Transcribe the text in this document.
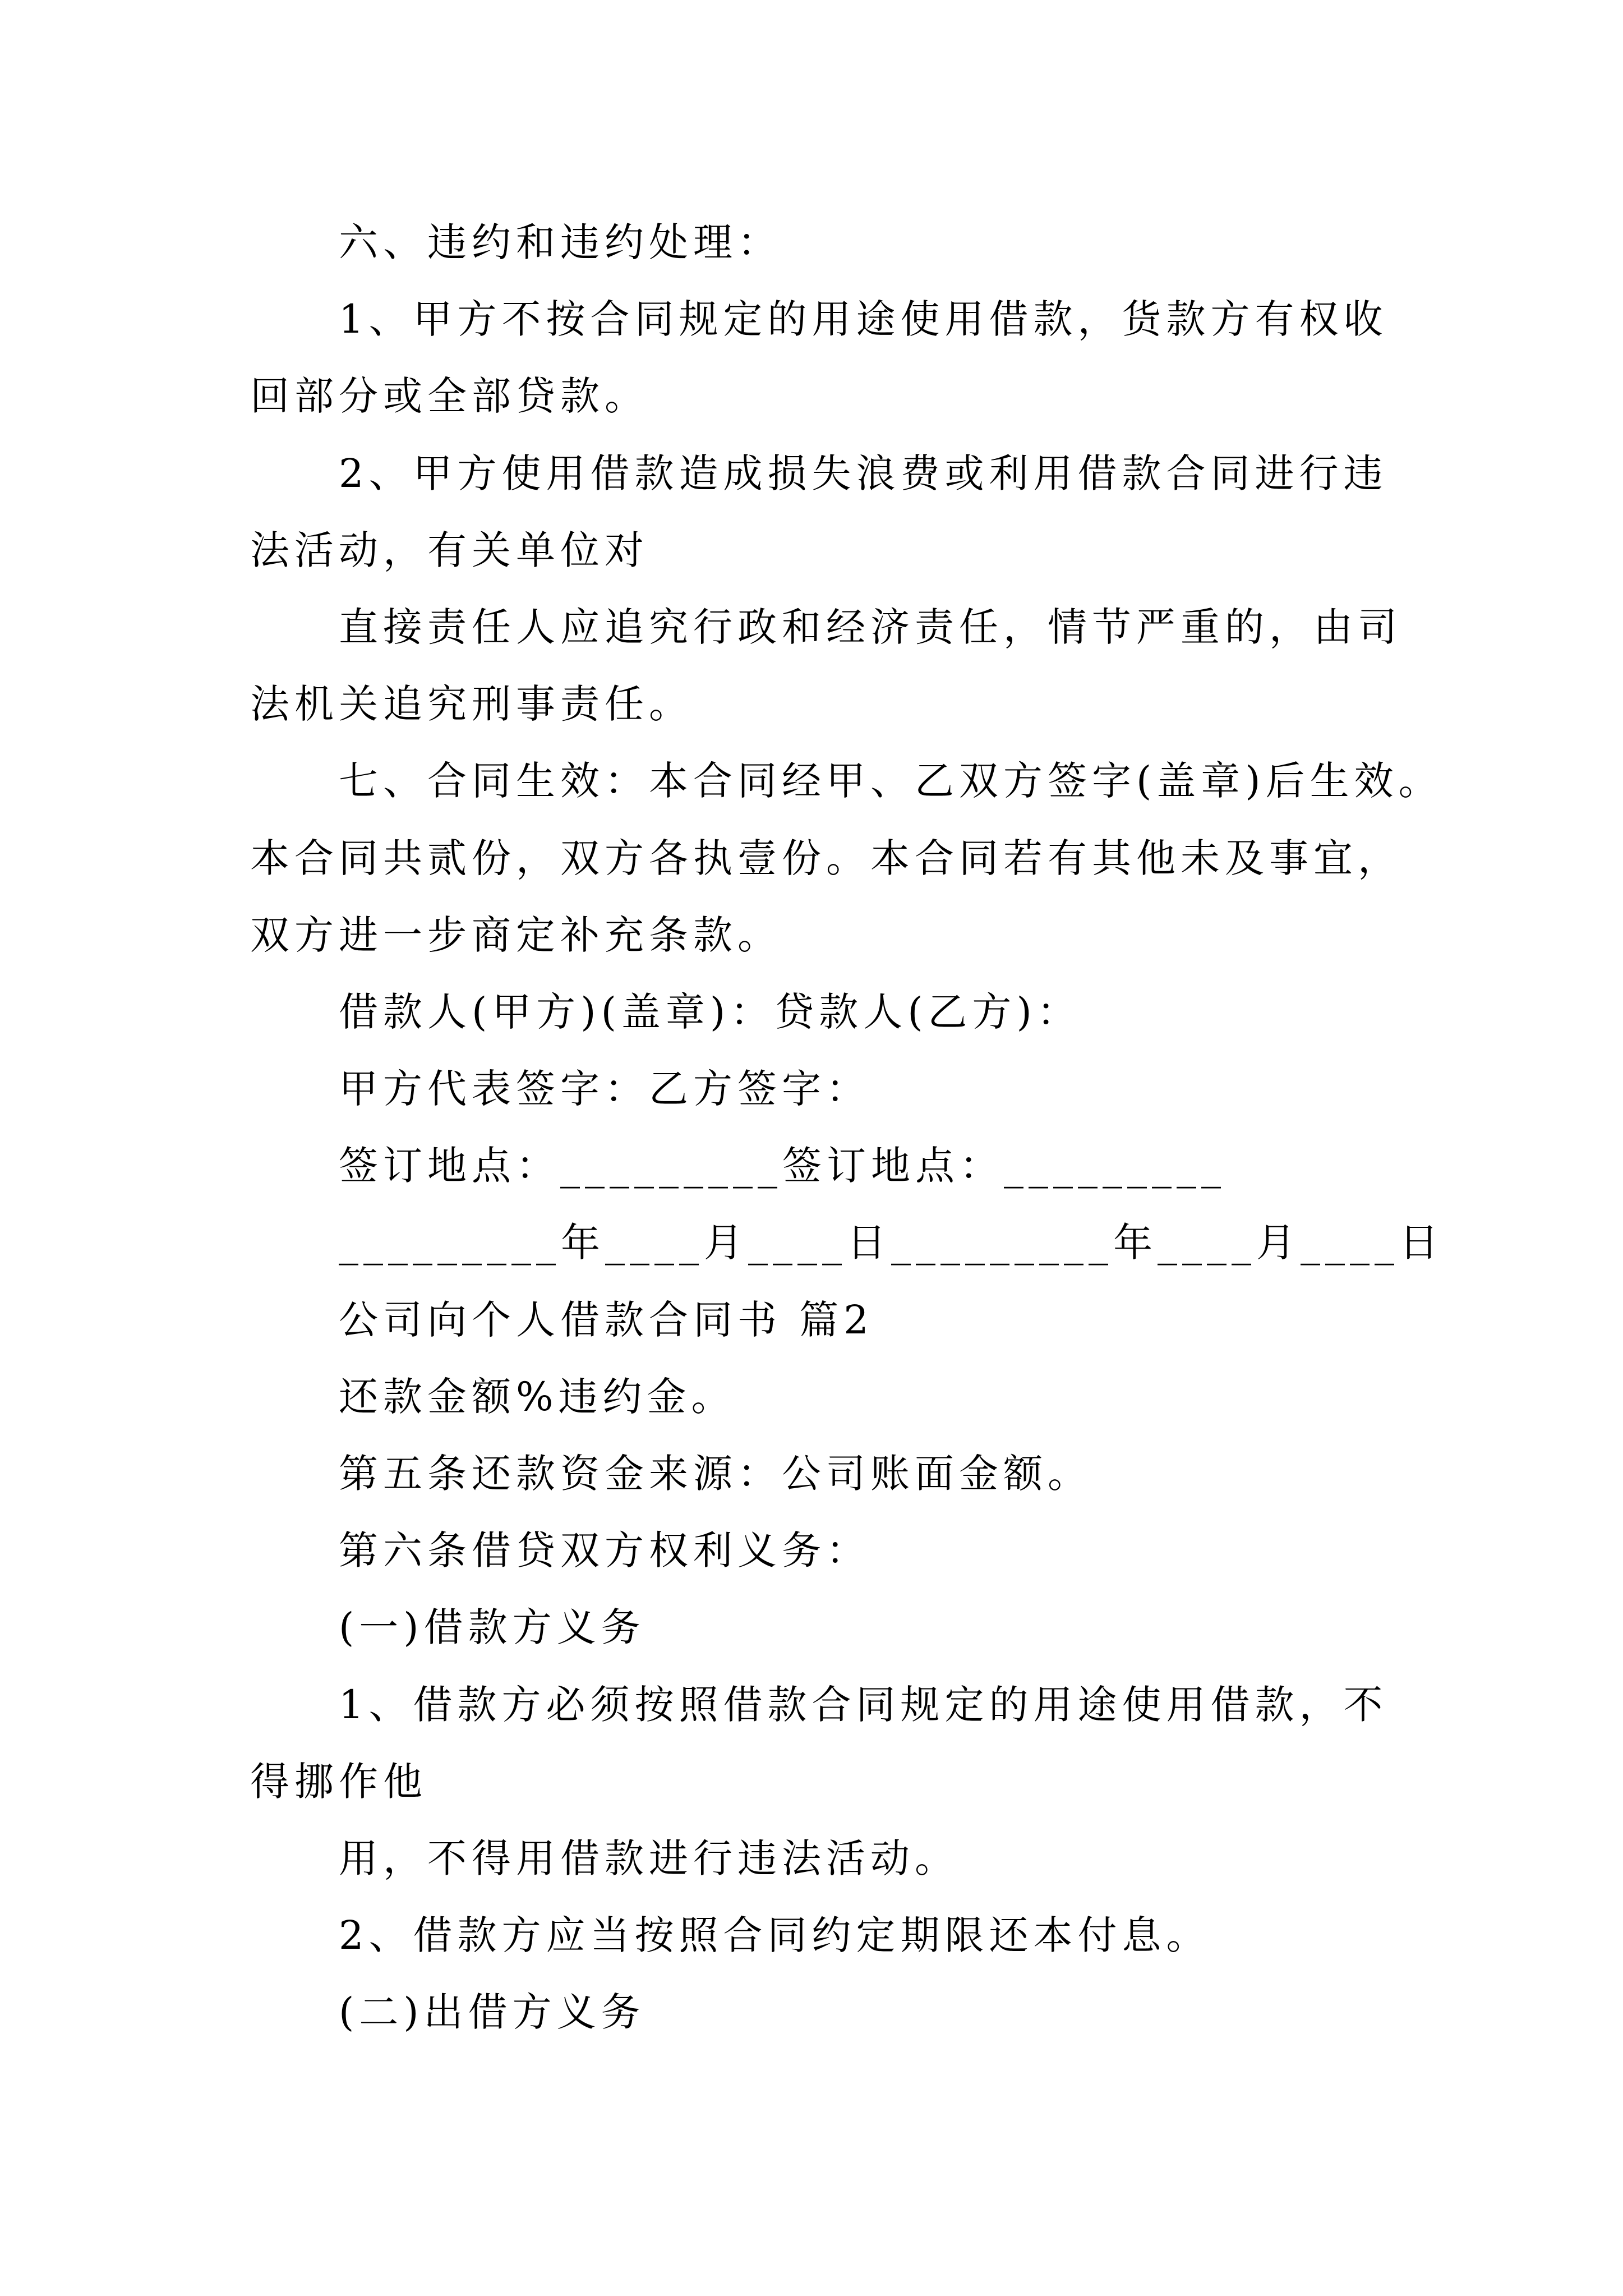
六、违约和违约处理：
1、甲方不按合同规定的用途使用借款，货款方有权收
回部分或全部贷款。
2、甲方使用借款造成损失浪费或利用借款合同进行违
法活动，有关单位对
直接责任人应追究行政和经济责任，情节严重的，由司
法机关追究刑事责任。
七、合同生效：本合同经甲、乙双方签字(盖章)后生效。
本合同共贰份，双方各执壹份。本合同若有其他未及事宜，
双方进一步商定补充条款。
借款人(甲方)(盖章)：贷款人(乙方)：
甲方代表签字：乙方签字：
签订地点：_________签订地点：_________
_________年____月____日_________年____月____日
公司向个人借款合同书 篇2
还款金额%违约金。
第五条还款资金来源：公司账面金额。
第六条借贷双方权利义务：
(一)借款方义务
1、借款方必须按照借款合同规定的用途使用借款，不
得挪作他
用，不得用借款进行违法活动。
2、借款方应当按照合同约定期限还本付息。
(二)出借方义务
